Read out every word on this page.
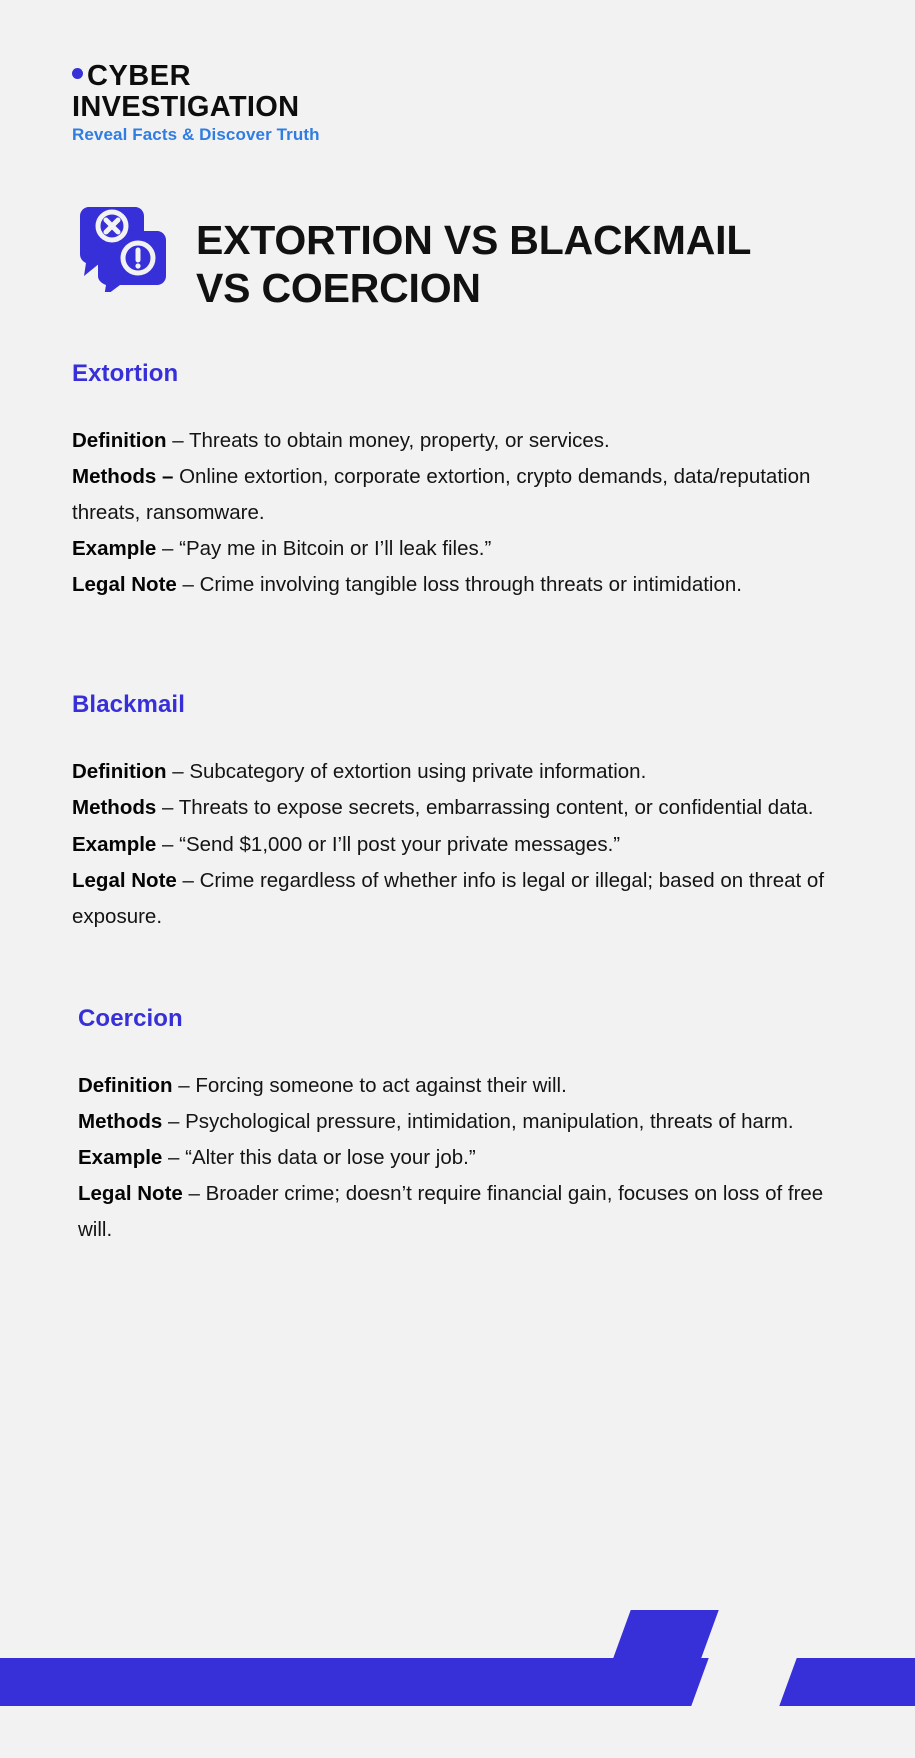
CYBER
INVESTIGATION
Reveal Facts & Discover Truth
EXTORTION VS BLACKMAIL VS COERCION
Extortion
Definition – Threats to obtain money, property, or services.
Methods – Online extortion, corporate extortion, crypto demands, data/reputation threats, ransomware.
Example – “Pay me in Bitcoin or I’ll leak files.”
Legal Note – Crime involving tangible loss through threats or intimidation.
Blackmail
Definition – Subcategory of extortion using private information.
Methods – Threats to expose secrets, embarrassing content, or confidential data.
Example – “Send $1,000 or I’ll post your private messages.”
Legal Note – Crime regardless of whether info is legal or illegal; based on threat of exposure.
Coercion
Definition – Forcing someone to act against their will.
Methods – Psychological pressure, intimidation, manipulation, threats of harm.
Example – “Alter this data or lose your job.”
Legal Note – Broader crime; doesn’t require financial gain, focuses on loss of free will.
